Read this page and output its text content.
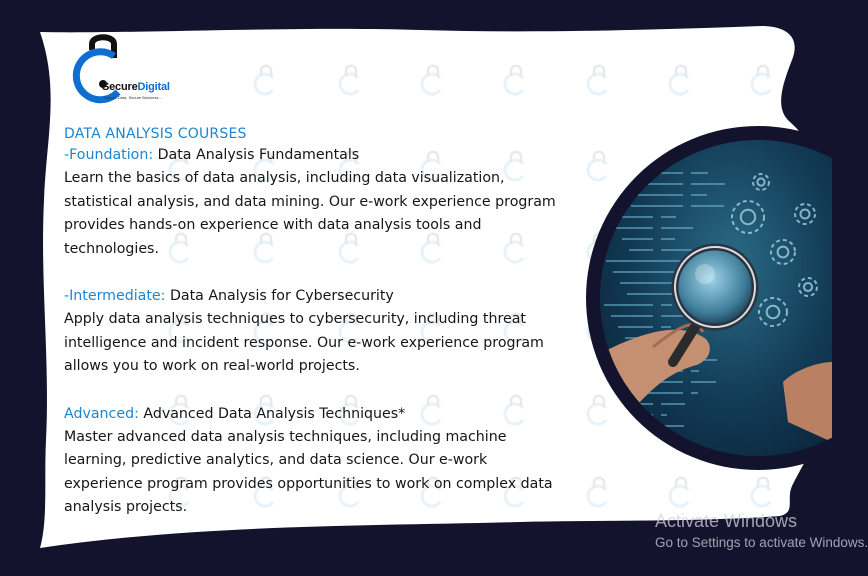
SecureDigital
Secure Data, Secure Business...
DATA ANALYSIS COURSES
-Foundation: Data Analysis Fundamentals

Learn the basics of data analysis, including data visualization, statistical analysis, and data mining. Our e-work experience program provides hands-on experience with data analysis tools and technologies.

-Intermediate: Data Analysis for Cybersecurity

Apply data analysis techniques to cybersecurity, including threat intelligence and incident response. Our e-work experience program allows you to work on real-world projects.

Advanced: Advanced Data Analysis Techniques*

Master advanced data analysis techniques, including machine learning, predictive analytics, and data science. Our e-work experience program provides opportunities to work on complex data analysis projects.

Activate Windows
Go to Settings to activate Windows.
